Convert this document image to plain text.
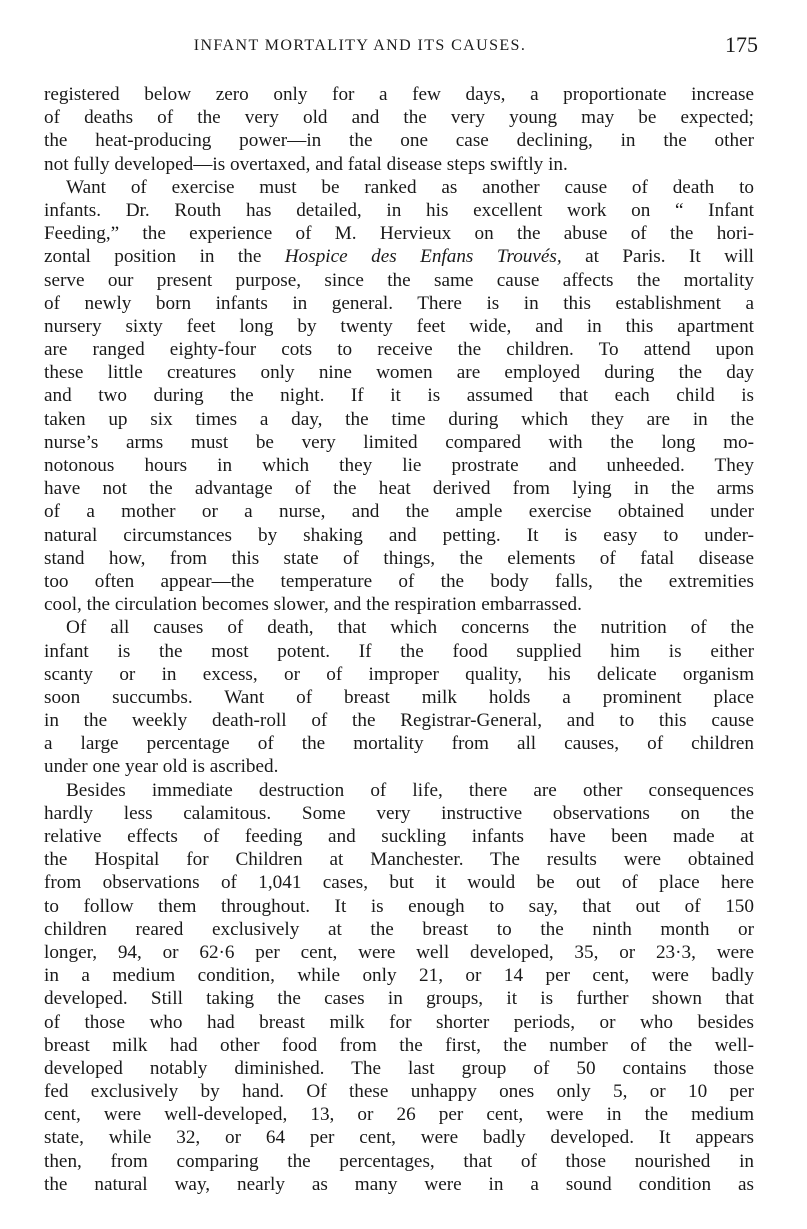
INFANT MORTALITY AND ITS CAUSES.	175
registered below zero only for a few days, a proportionate increase
of deaths of the very old and the very young may be expected;
the heat-producing power—in the one case declining, in the other
not fully developed—is overtaxed, and fatal disease steps swiftly in.
Want of exercise must be ranked as another cause of death to
infants. Dr. Routh has detailed, in his excellent work on “ Infant
Feeding,” the experience of M. Hervieux on the abuse of the hori-
zontal position in the Hospice des Enfans Trouvés, at Paris. It will
serve our present purpose, since the same cause affects the mortality
of newly born infants in general. There is in this establishment a
nursery sixty feet long by twenty feet wide, and in this apartment
are ranged eighty-four cots to receive the children. To attend upon
these little creatures only nine women are employed during the day
and two during the night. If it is assumed that each child is
taken up six times a day, the time during which they are in the
nurse’s arms must be very limited compared with the long mo-
notonous hours in which they lie prostrate and unheeded. They
have not the advantage of the heat derived from lying in the arms
of a mother or a nurse, and the ample exercise obtained under
natural circumstances by shaking and petting. It is easy to under-
stand how, from this state of things, the elements of fatal disease
too often appear—the temperature of the body falls, the extremities
cool, the circulation becomes slower, and the respiration embarrassed.
Of all causes of death, that which concerns the nutrition of the
infant is the most potent. If the food supplied him is either
scanty or in excess, or of improper quality, his delicate organism
soon succumbs. Want of breast milk holds a prominent place
in the weekly death-roll of the Registrar-General, and to this cause
a large percentage of the mortality from all causes, of children
under one year old is ascribed.
Besides immediate destruction of life, there are other consequences
hardly less calamitous. Some very instructive observations on the
relative effects of feeding and suckling infants have been made at
the Hospital for Children at Manchester. The results were obtained
from observations of 1,041 cases, but it would be out of place here
to follow them throughout. It is enough to say, that out of 150
children reared exclusively at the breast to the ninth month or
longer, 94, or 62·6 per cent, were well developed, 35, or 23·3, were
in a medium condition, while only 21, or 14 per cent, were badly
developed. Still taking the cases in groups, it is further shown that
of those who had breast milk for shorter periods, or who besides
breast milk had other food from the first, the number of the well-
developed notably diminished. The last group of 50 contains those
fed exclusively by hand. Of these unhappy ones only 5, or 10 per
cent, were well-developed, 13, or 26 per cent, were in the medium
state, while 32, or 64 per cent, were badly developed. It appears
then, from comparing the percentages, that of those nourished in
the natural way, nearly as many were in a sound condition as
